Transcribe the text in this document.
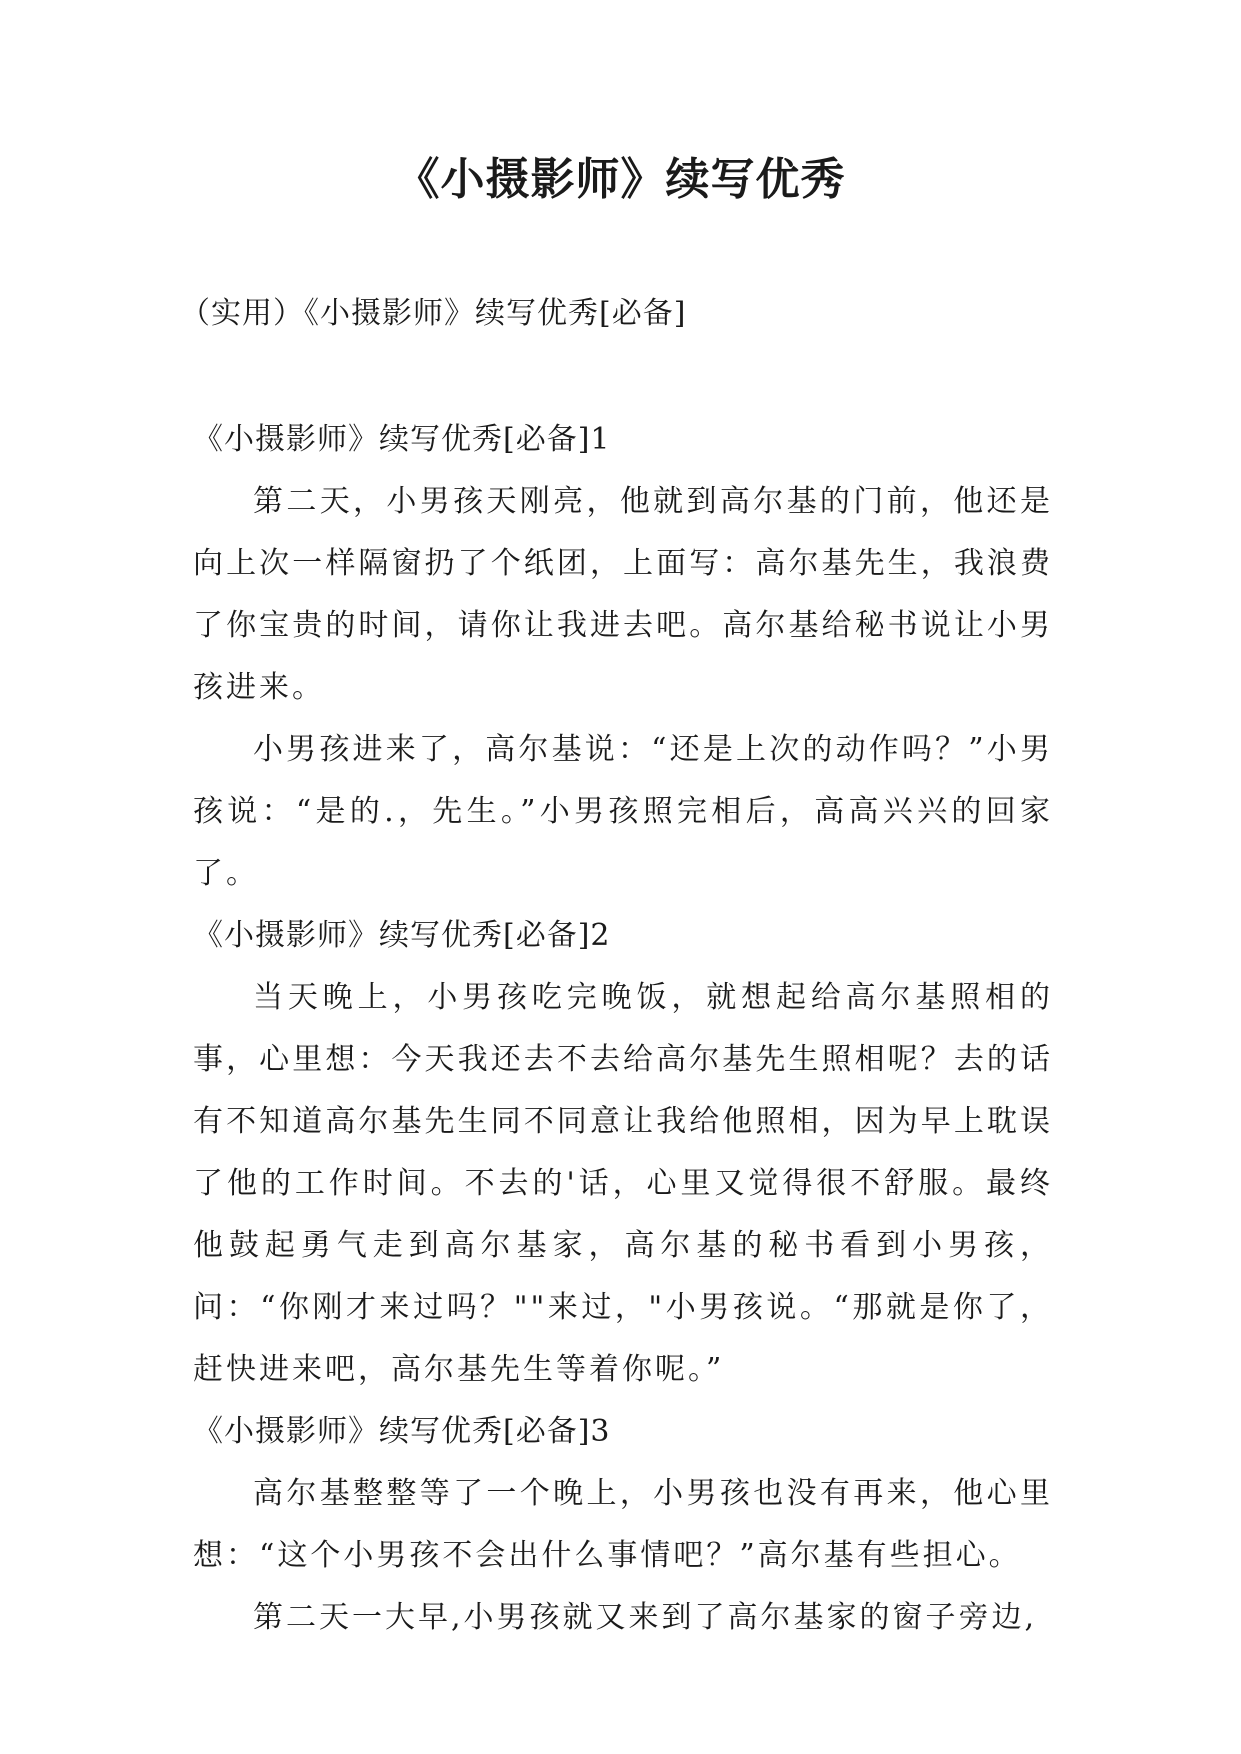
《小摄影师》续写优秀

（实用）《小摄影师》续写优秀[必备]

《小摄影师》续写优秀[必备]1

第二天，小男孩天刚亮，他就到高尔基的门前，他还是向上次一样隔窗扔了个纸团，上面写：高尔基先生，我浪费了你宝贵的时间，请你让我进去吧。高尔基给秘书说让小男孩进来。

小男孩进来了，高尔基说：“还是上次的动作吗？”小男孩说：“是的.，先生。”小男孩照完相后，高高兴兴的回家了。

《小摄影师》续写优秀[必备]2

当天晚上，小男孩吃完晚饭，就想起给高尔基照相的事，心里想：今天我还去不去给高尔基先生照相呢？去的话有不知道高尔基先生同不同意让我给他照相，因为早上耽误了他的工作时间。不去的'话，心里又觉得很不舒服。最终他鼓起勇气走到高尔基家，高尔基的秘书看到小男孩，问：“你刚才来过吗？""来过，"小男孩说。“那就是你了，赶快进来吧，高尔基先生等着你呢。”

《小摄影师》续写优秀[必备]3

高尔基整整等了一个晚上，小男孩也没有再来，他心里想：“这个小男孩不会出什么事情吧？”高尔基有些担心。

第二天一大早,小男孩就又来到了高尔基家的窗子旁边,
